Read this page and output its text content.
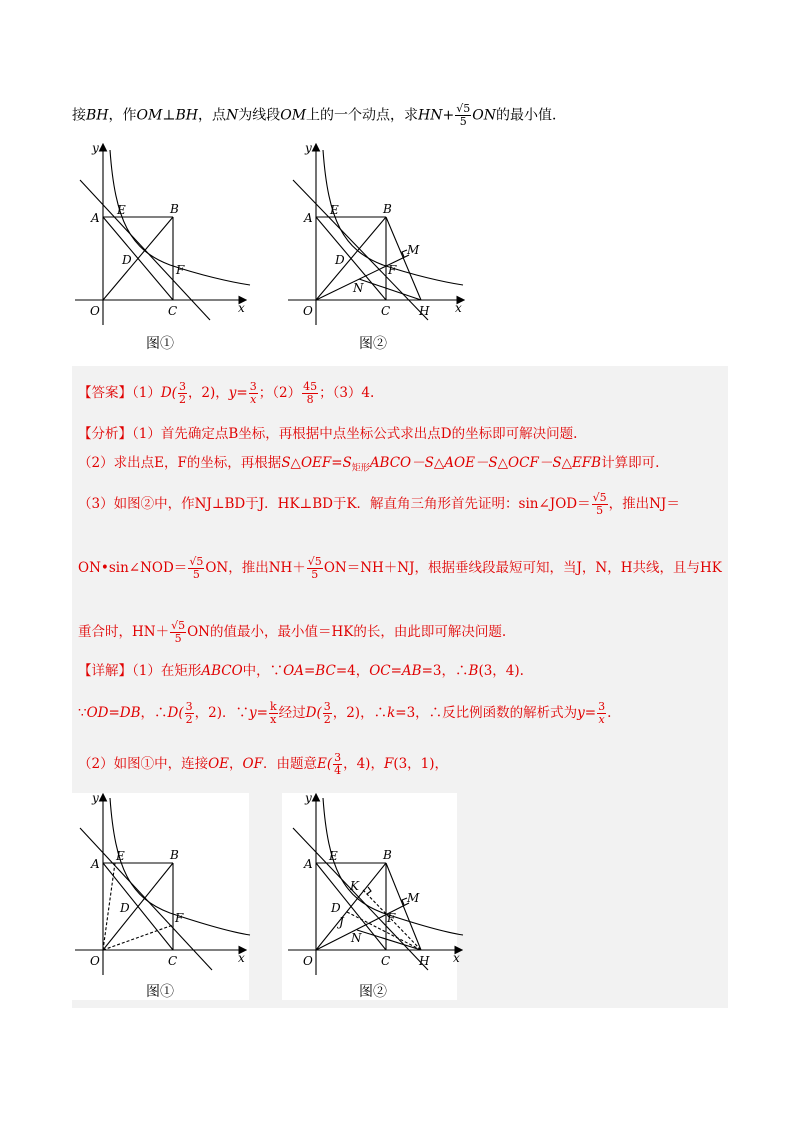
接BH，作OM⊥BH，点N为线段OM上的一个动点，求$HN+ \frac{√5}{5}$ ON的最小值．
y
x
O
A
E	B
D
F
C
图①
y
x
O
A
E	B
D
F
M
N
C H
图②
【答案】$(1)D( \frac{3}{2}$ ，2)，$y= \frac{3}{x}$ ；$(2) \frac{45}{8}$ ；（3）4.
【分析】（1）首先确定点B坐标，再根据中点坐标公式求出点D的坐标即可解决问题.
（2）求出点E，F的坐标，再根据$S\triangle OEF=S_{矩形}ABCO-S\triangle AOE-S\triangle OCF-S\triangle EFB$计算即可.
（3）如图②中，作NJ⊥BD于J．HK⊥BD于K．解直角三角形首先证明：sin∠JOD＝ $\frac{√5}{5}$ ，推出NJ＝
ON•sin∠NOD＝ $\frac{√5}{5}$ ON，推出$NH+ \frac{√5}{5} ON=NH+NJ$，根据垂线段最短可知，当J，N，H共线，且与HK
重合时，$HN+ \frac{√5}{5}$ ON的值最小，最小值＝HK的长，由此即可解决问题.
【详解】（1）在矩形ABCO中，∵OA=BC=4，OC=AB=3，∴B(3，4).
∵OD=DB，∴D( $\frac{3}{2}$ ，2)．∵y= $\frac{k}{x}$ 经过$D( \frac{3}{2}$ ，2)，∴k=3，∴反比例函数的解析式为$y= \frac{3}{x}$ .
（2）如图①中，连接OE，OF．由题意$E( \frac{3}{4}$ ，4)，F(3，1)，
y
x
O
A
E	B
D
F
C
图①
y
x
O
A
E	B
K
D
J	F
M
N
C H
图②
